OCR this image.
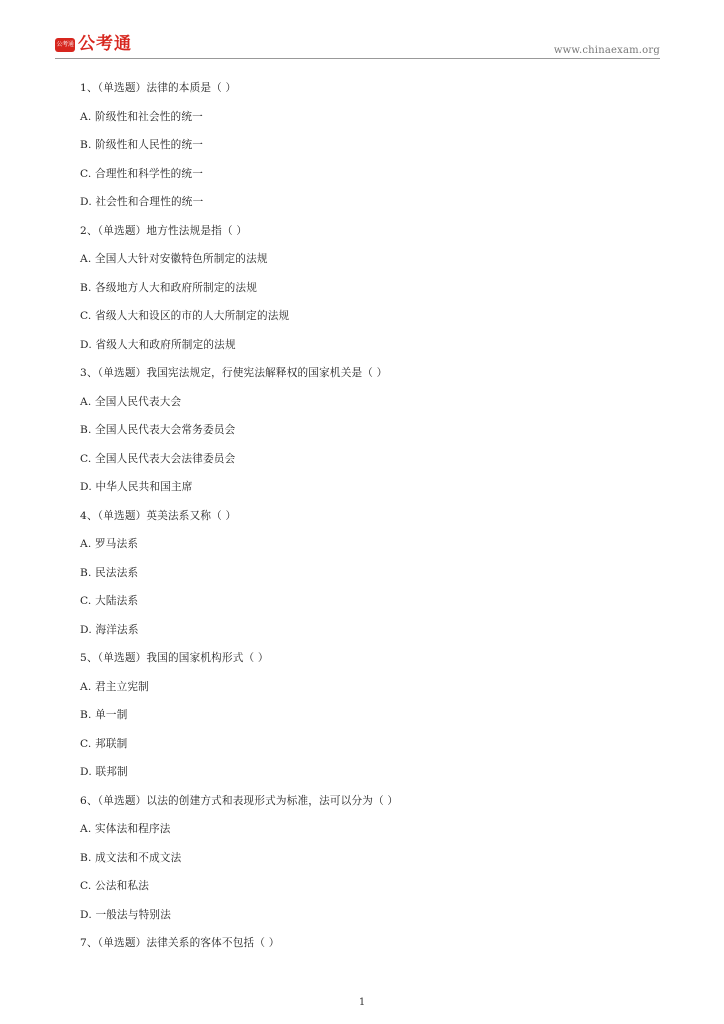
公考通 公考通	www.chinaexam.org
1、（单选题）法律的本质是（ ）
A. 阶级性和社会性的统一
B. 阶级性和人民性的统一
C. 合理性和科学性的统一
D. 社会性和合理性的统一
2、（单选题）地方性法规是指（ ）
A. 全国人大针对安徽特色所制定的法规
B. 各级地方人大和政府所制定的法规
C. 省级人大和设区的市的人大所制定的法规
D. 省级人大和政府所制定的法规
3、（单选题）我国宪法规定，行使宪法解释权的国家机关是（ ）
A. 全国人民代表大会
B. 全国人民代表大会常务委员会
C. 全国人民代表大会法律委员会
D. 中华人民共和国主席
4、（单选题）英美法系又称（ ）
A. 罗马法系
B. 民法法系
C. 大陆法系
D. 海洋法系
5、（单选题）我国的国家机构形式（ ）
A. 君主立宪制
B. 单一制
C. 邦联制
D. 联邦制
6、（单选题）以法的创建方式和表现形式为标准，法可以分为（ ）
A. 实体法和程序法
B. 成文法和不成文法
C. 公法和私法
D. 一般法与特别法
7、（单选题）法律关系的客体不包括（ ）
1
